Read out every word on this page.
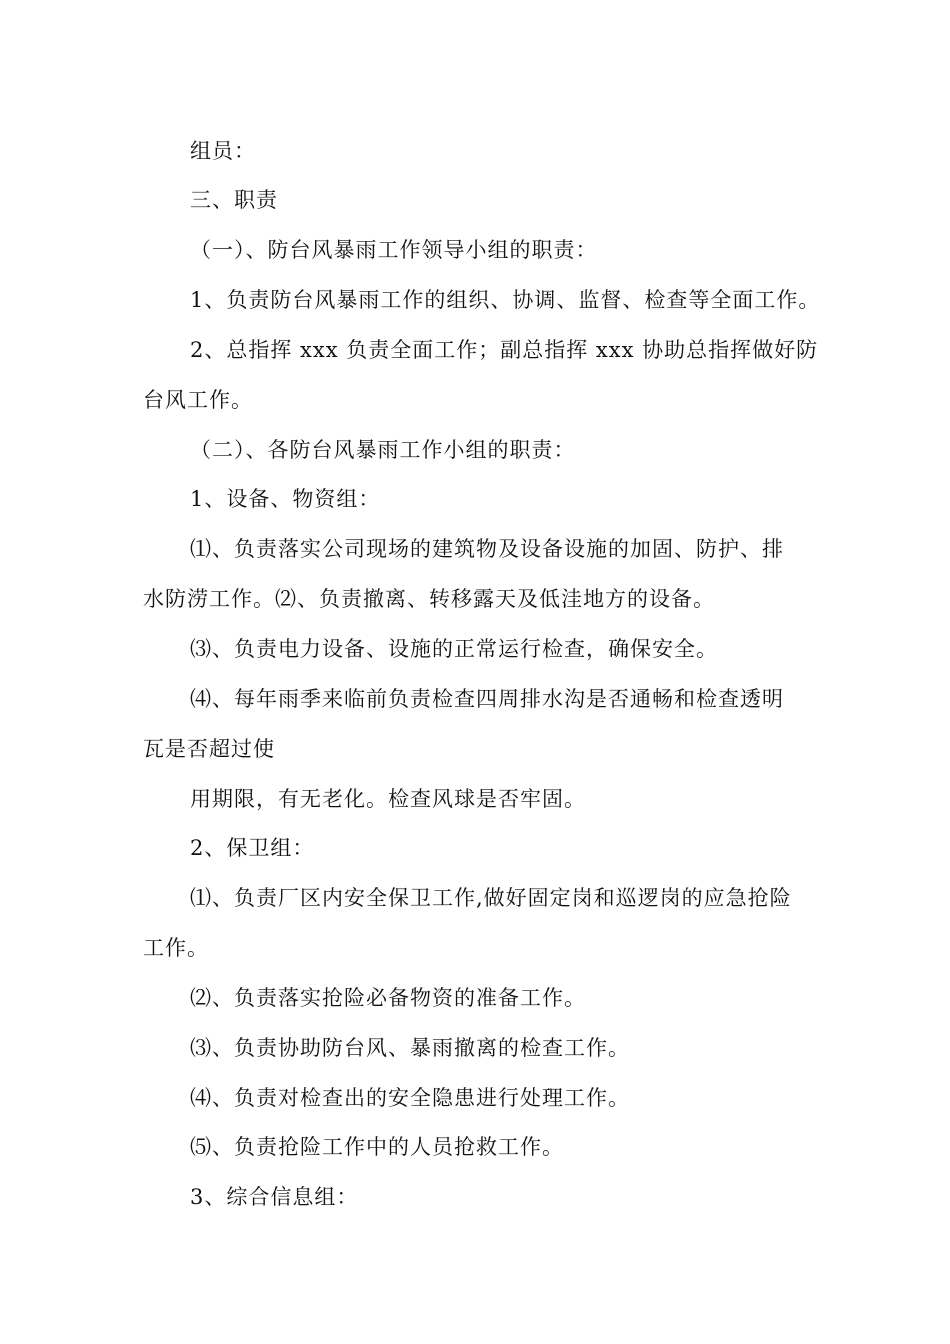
组员：

三、职责

（一）、防台风暴雨工作领导小组的职责：

1、负责防台风暴雨工作的组织、协调、监督、检查等全面工作。

2、总指挥 xxx 负责全面工作；副总指挥 xxx 协助总指挥做好防

台风工作。

（二）、各防台风暴雨工作小组的职责：

1、设备、物资组：

⑴、负责落实公司现场的建筑物及设备设施的加固、防护、排

水防涝工作。⑵、负责撤离、转移露天及低洼地方的设备。

⑶、负责电力设备、设施的正常运行检查，确保安全。

⑷、每年雨季来临前负责检查四周排水沟是否通畅和检查透明

瓦是否超过使

用期限，有无老化。检查风球是否牢固。

2、保卫组：

⑴、负责厂区内安全保卫工作,做好固定岗和巡逻岗的应急抢险

工作。

⑵、负责落实抢险必备物资的准备工作。

⑶、负责协助防台风、暴雨撤离的检查工作。

⑷、负责对检查出的安全隐患进行处理工作。

⑸、负责抢险工作中的人员抢救工作。

3、综合信息组：
